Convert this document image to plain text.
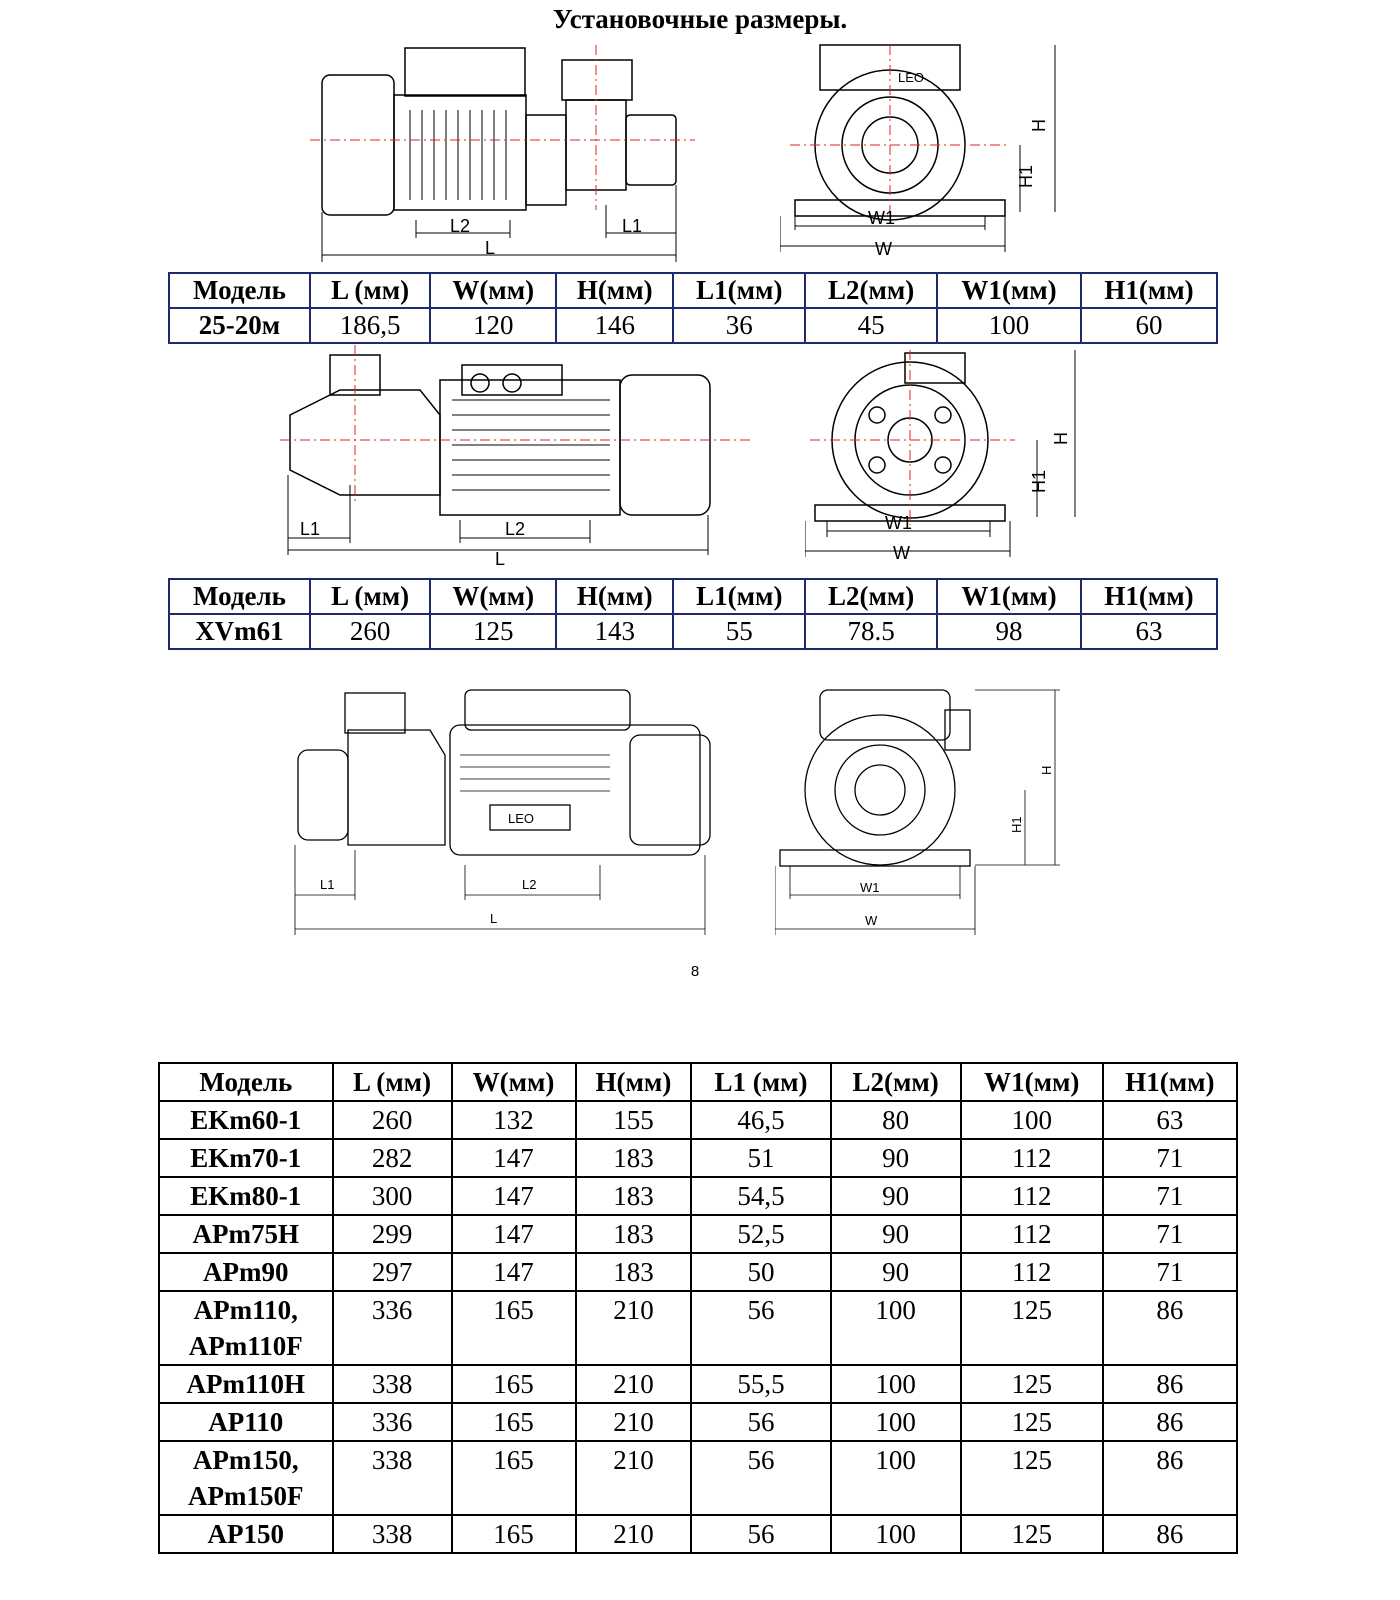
Установочные размеры.
L2	L1
L
LEO
W1
W
H
H1
Модель	L (мм)	W(мм)	H(мм)	L1(мм)	L2(мм)	W1(мм)	H1(мм)
25-20м	186,5	120	146	36	45	100	60
L1	L2
L
W1
W
H
H1
Модель	L (мм)	W(мм)	H(мм)	L1(мм)	L2(мм)	W1(мм)	H1(мм)
XVm61	260	125	143	55	78.5	98	63
LEO
L1	L2
L
W1
W
H
H1
8
Модель	L (мм)	W(мм)	H(мм)	L1 (мм)	L2(мм)	W1(мм)	H1(мм)
EKm60-1	260	132	155	46,5	80	100	63
EKm70-1	282	147	183	51	90	112	71
EKm80-1	300	147	183	54,5	90	112	71
APm75H	299	147	183	52,5	90	112	71
APm90	297	147	183	50	90	112	71
APm110,
APm110F	336	165	210	56	100	125	86
APm110H	338	165	210	55,5	100	125	86
AP110	336	165	210	56	100	125	86
APm150,
APm150F	338	165	210	56	100	125	86
AP150	338	165	210	56	100	125	86
